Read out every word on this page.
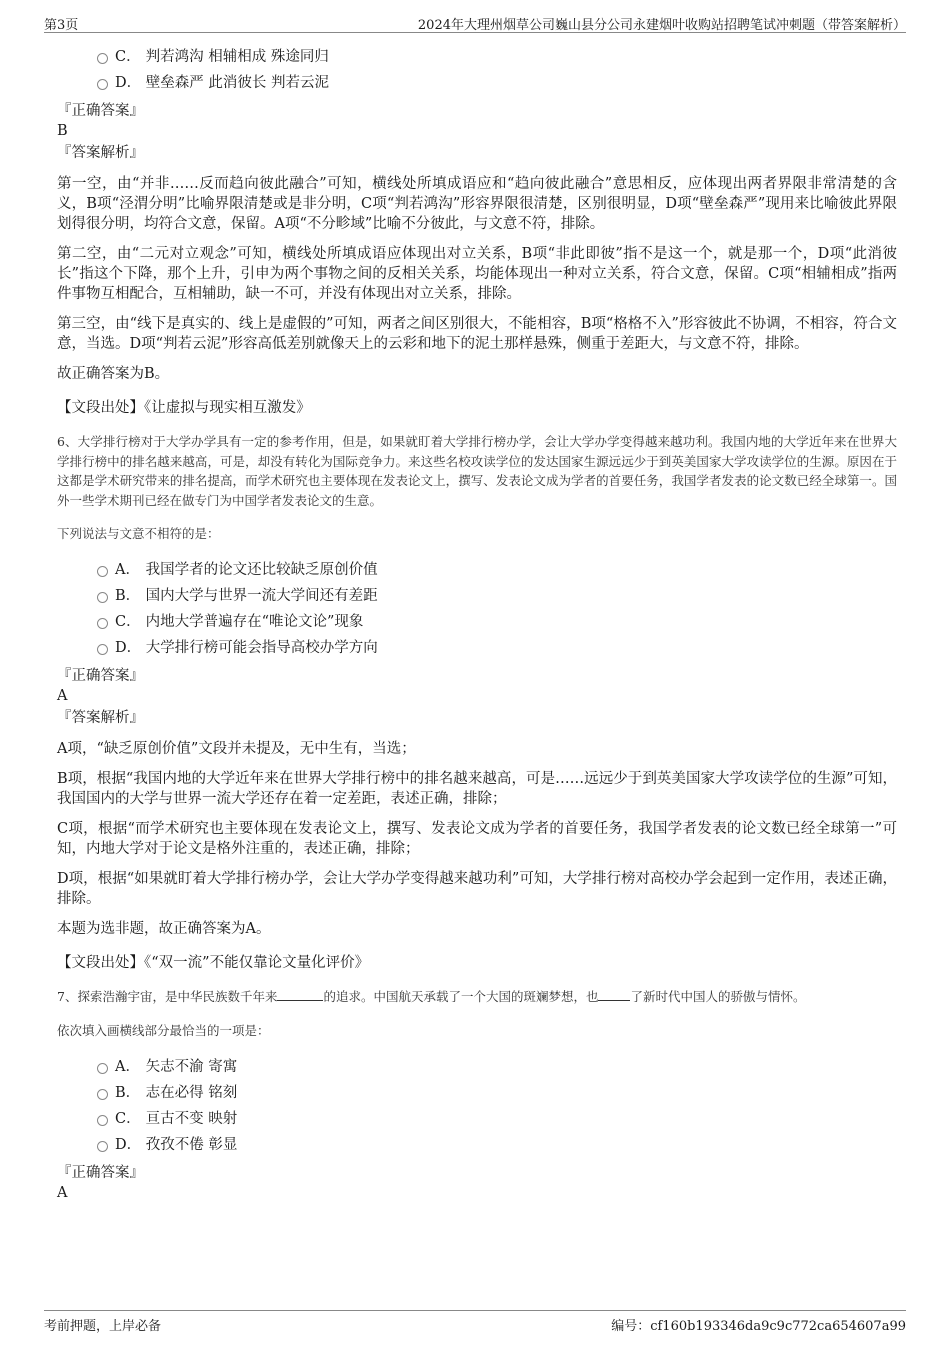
第3页	2024年大理州烟草公司巍山县分公司永建烟叶收购站招聘笔试冲刺题（带答案解析）
C． 判若鸿沟 相辅相成 殊途同归
D． 壁垒森严 此消彼长 判若云泥
『正确答案』
B
『答案解析』

第一空，由“并非……反而趋向彼此融合”可知，横线处所填成语应和“趋向彼此融合”意思相反，应体现出两者界限非常清楚的含义，B项“泾渭分明”比喻界限清楚或是非分明，C项“判若鸿沟”形容界限很清楚，区别很明显，D项“壁垒森严”现用来比喻彼此界限划得很分明，均符合文意，保留。A项“不分畛域”比喻不分彼此，与文意不符，排除。

第二空，由“二元对立观念”可知，横线处所填成语应体现出对立关系，B项“非此即彼”指不是这一个，就是那一个，D项“此消彼长”指这个下降，那个上升，引申为两个事物之间的反相关关系，均能体现出一种对立关系，符合文意，保留。C项“相辅相成”指两件事物互相配合，互相辅助，缺一不可，并没有体现出对立关系，排除。

第三空，由“线下是真实的、线上是虚假的”可知，两者之间区别很大，不能相容，B项“格格不入”形容彼此不协调，不相容，符合文意，当选。D项“判若云泥”形容高低差别就像天上的云彩和地下的泥土那样悬殊，侧重于差距大，与文意不符，排除。

故正确答案为B。

【文段出处】《让虚拟与现实相互激发》

6、大学排行榜对于大学办学具有一定的参考作用，但是，如果就盯着大学排行榜办学，会让大学办学变得越来越功利。我国内地的大学近年来在世界大学排行榜中的排名越来越高，可是，却没有转化为国际竞争力。来这些名校攻读学位的发达国家生源远远少于到英美国家大学攻读学位的生源。原因在于这都是学术研究带来的排名提高，而学术研究也主要体现在发表论文上，撰写、发表论文成为学者的首要任务，我国学者发表的论文数已经全球第一。国外一些学术期刊已经在做专门为中国学者发表论文的生意。

下列说法与文意不相符的是：

A． 我国学者的论文还比较缺乏原创价值
B． 国内大学与世界一流大学间还有差距
C． 内地大学普遍存在“唯论文论”现象
D． 大学排行榜可能会指导高校办学方向
『正确答案』
A
『答案解析』

A项，“缺乏原创价值”文段并未提及，无中生有，当选；

B项，根据“我国内地的大学近年来在世界大学排行榜中的排名越来越高，可是……远远少于到英美国家大学攻读学位的生源”可知，我国国内的大学与世界一流大学还存在着一定差距，表述正确，排除；

C项，根据“而学术研究也主要体现在发表论文上，撰写、发表论文成为学者的首要任务，我国学者发表的论文数已经全球第一”可知，内地大学对于论文是格外注重的，表述正确，排除；

D项，根据“如果就盯着大学排行榜办学，会让大学办学变得越来越功利”可知，大学排行榜对高校办学会起到一定作用，表述正确，排除。

本题为选非题，故正确答案为A。

【文段出处】《“双一流”不能仅靠论文量化评价》

7、探索浩瀚宇宙，是中华民族数千年来	的追求。中国航天承载了一个大国的斑斓梦想，也	了新时代中国人的骄傲与情怀。

依次填入画横线部分最恰当的一项是：

A． 矢志不渝 寄寓
B． 志在必得 铭刻
C． 亘古不变 映射
D． 孜孜不倦 彰显
『正确答案』
A
考前押题，上岸必备	编号：cf160b193346da9c9c772ca654607a99
